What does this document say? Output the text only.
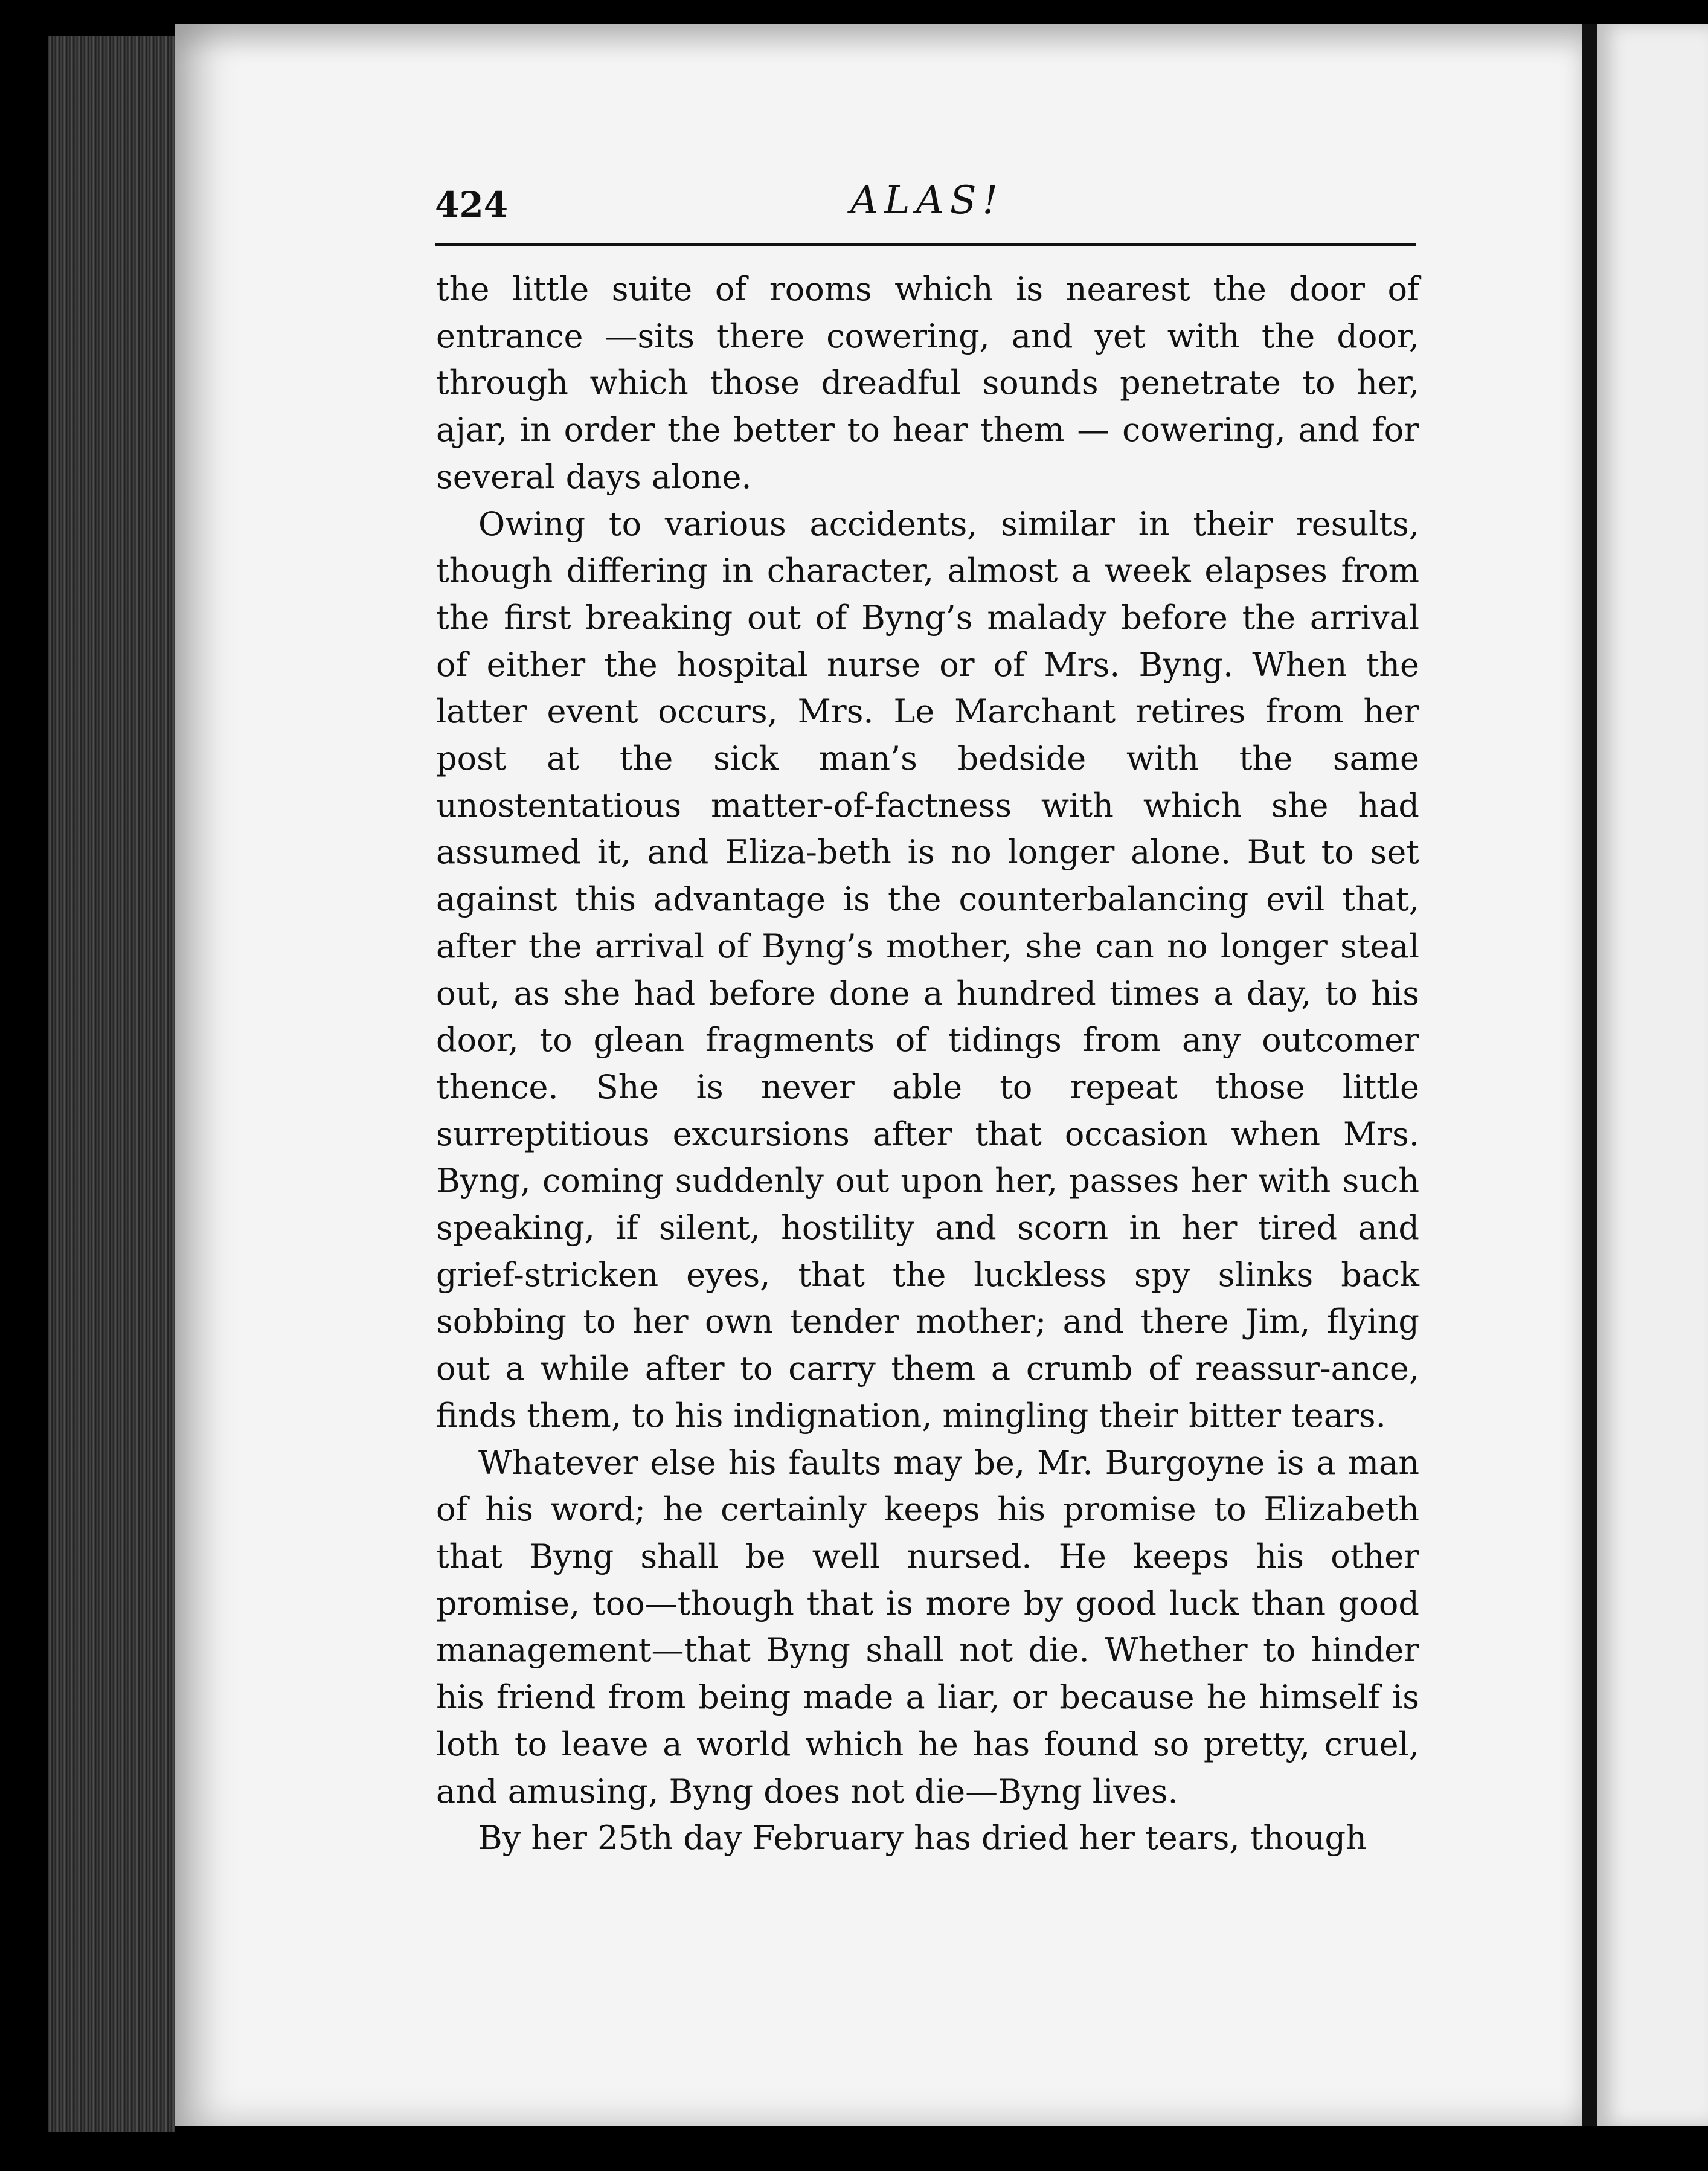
424	ALAS!

the little suite of rooms which is nearest the door of entrance —sits there cowering, and yet with the door, through which those dreadful sounds penetrate to her, ajar, in order the better to hear them — cowering, and for several days alone.

Owing to various accidents, similar in their results, though differing in character, almost a week elapses from the first breaking out of Byng’s malady before the arrival of either the hospital nurse or of Mrs. Byng. When the latter event occurs, Mrs. Le Marchant retires from her post at the sick man’s bedside with the same unostentatious matter-of-factness with which she had assumed it, and Eliza-beth is no longer alone. But to set against this advantage is the counterbalancing evil that, after the arrival of Byng’s mother, she can no longer steal out, as she had before done a hundred times a day, to his door, to glean fragments of tidings from any outcomer thence. She is never able to repeat those little surreptitious excursions after that occasion when Mrs. Byng, coming suddenly out upon her, passes her with such speaking, if silent, hostility and scorn in her tired and grief-stricken eyes, that the luckless spy slinks back sobbing to her own tender mother; and there Jim, flying out a while after to carry them a crumb of reassur-ance, finds them, to his indignation, mingling their bitter tears.

Whatever else his faults may be, Mr. Burgoyne is a man of his word; he certainly keeps his promise to Elizabeth that Byng shall be well nursed. He keeps his other promise, too—though that is more by good luck than good management—that Byng shall not die. Whether to hinder his friend from being made a liar, or because he himself is loth to leave a world which he has found so pretty, cruel, and amusing, Byng does not die—Byng lives.

By her 25th day February has dried her tears, though
